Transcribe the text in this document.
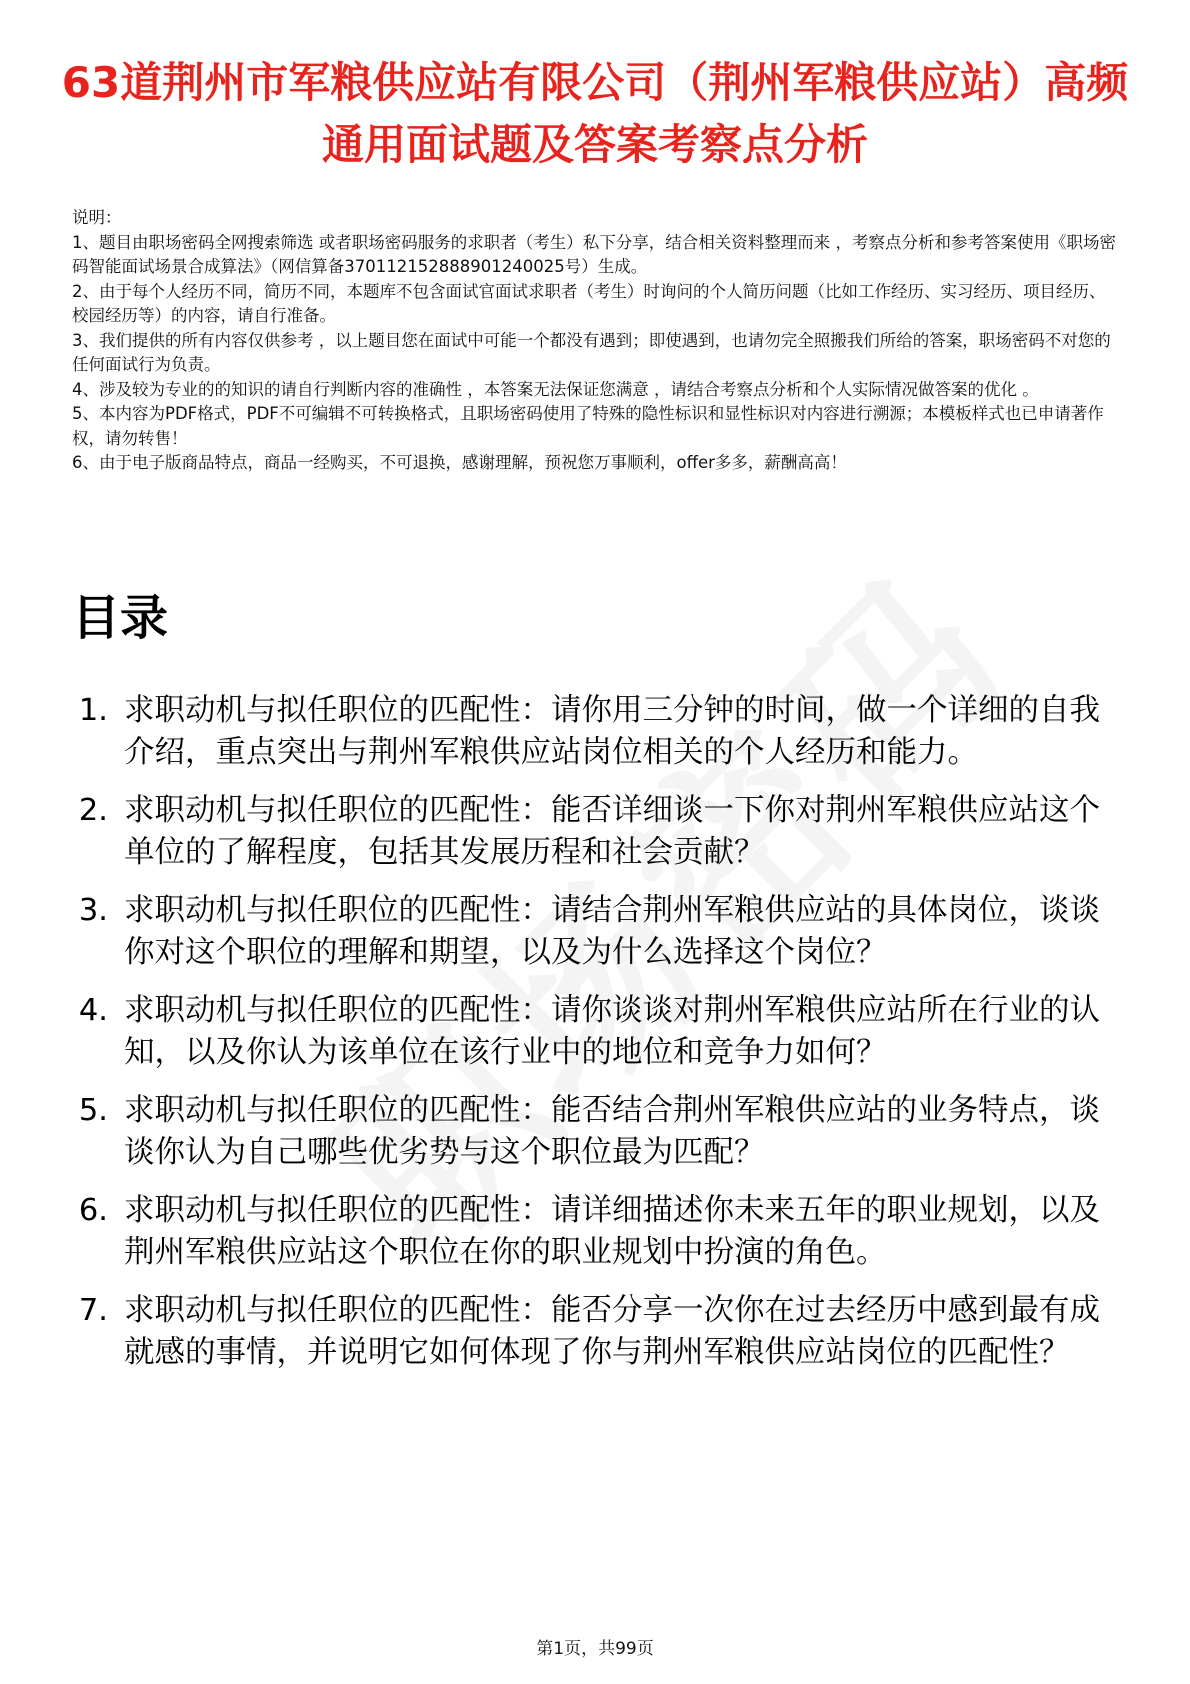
63道荆州市军粮供应站有限公司（荆州军粮供应站）高频通用面试题及答案考察点分析

说明：

1、题目由职场密码全网搜索筛选 或者职场密码服务的求职者（考生）私下分享，结合相关资料整理而来 ，考察点分析和参考答案使用《职场密码智能面试场景合成算法》（网信算备370112152888901240025号）生成。

2、由于每个人经历不同，简历不同，本题库不包含面试官面试求职者（考生）时询问的个人简历问题（比如工作经历、实习经历、项目经历、校园经历等）的内容，请自行准备。

3、我们提供的所有内容仅供参考 ，以上题目您在面试中可能一个都没有遇到；即使遇到，也请勿完全照搬我们所给的答案，职场密码不对您的任何面试行为负责。

4、涉及较为专业的的知识的请自行判断内容的准确性 ，本答案无法保证您满意 ，请结合考察点分析和个人实际情况做答案的优化 。

5、本内容为PDF格式，PDF不可编辑不可转换格式，且职场密码使用了特殊的隐性标识和显性标识对内容进行溯源；本模板样式也已申请著作权，请勿转售！

6、由于电子版商品特点，商品一经购买，不可退换，感谢理解，预祝您万事顺利，offer多多，薪酬高高！

目录
1. 求职动机与拟任职位的匹配性：请你用三分钟的时间，做一个详细的自我介绍，重点突出与荆州军粮供应站岗位相关的个人经历和能力。
2. 求职动机与拟任职位的匹配性：能否详细谈一下你对荆州军粮供应站这个单位的了解程度，包括其发展历程和社会贡献？
3. 求职动机与拟任职位的匹配性：请结合荆州军粮供应站的具体岗位，谈谈你对这个职位的理解和期望，以及为什么选择这个岗位？
4. 求职动机与拟任职位的匹配性：请你谈谈对荆州军粮供应站所在行业的认知，以及你认为该单位在该行业中的地位和竞争力如何？
5. 求职动机与拟任职位的匹配性：能否结合荆州军粮供应站的业务特点，谈谈你认为自己哪些优劣势与这个职位最为匹配？
6. 求职动机与拟任职位的匹配性：请详细描述你未来五年的职业规划，以及荆州军粮供应站这个职位在你的职业规划中扮演的角色。
7. 求职动机与拟任职位的匹配性：能否分享一次你在过去经历中感到最有成就感的事情，并说明它如何体现了你与荆州军粮供应站岗位的匹配性？
第1页，共99页
